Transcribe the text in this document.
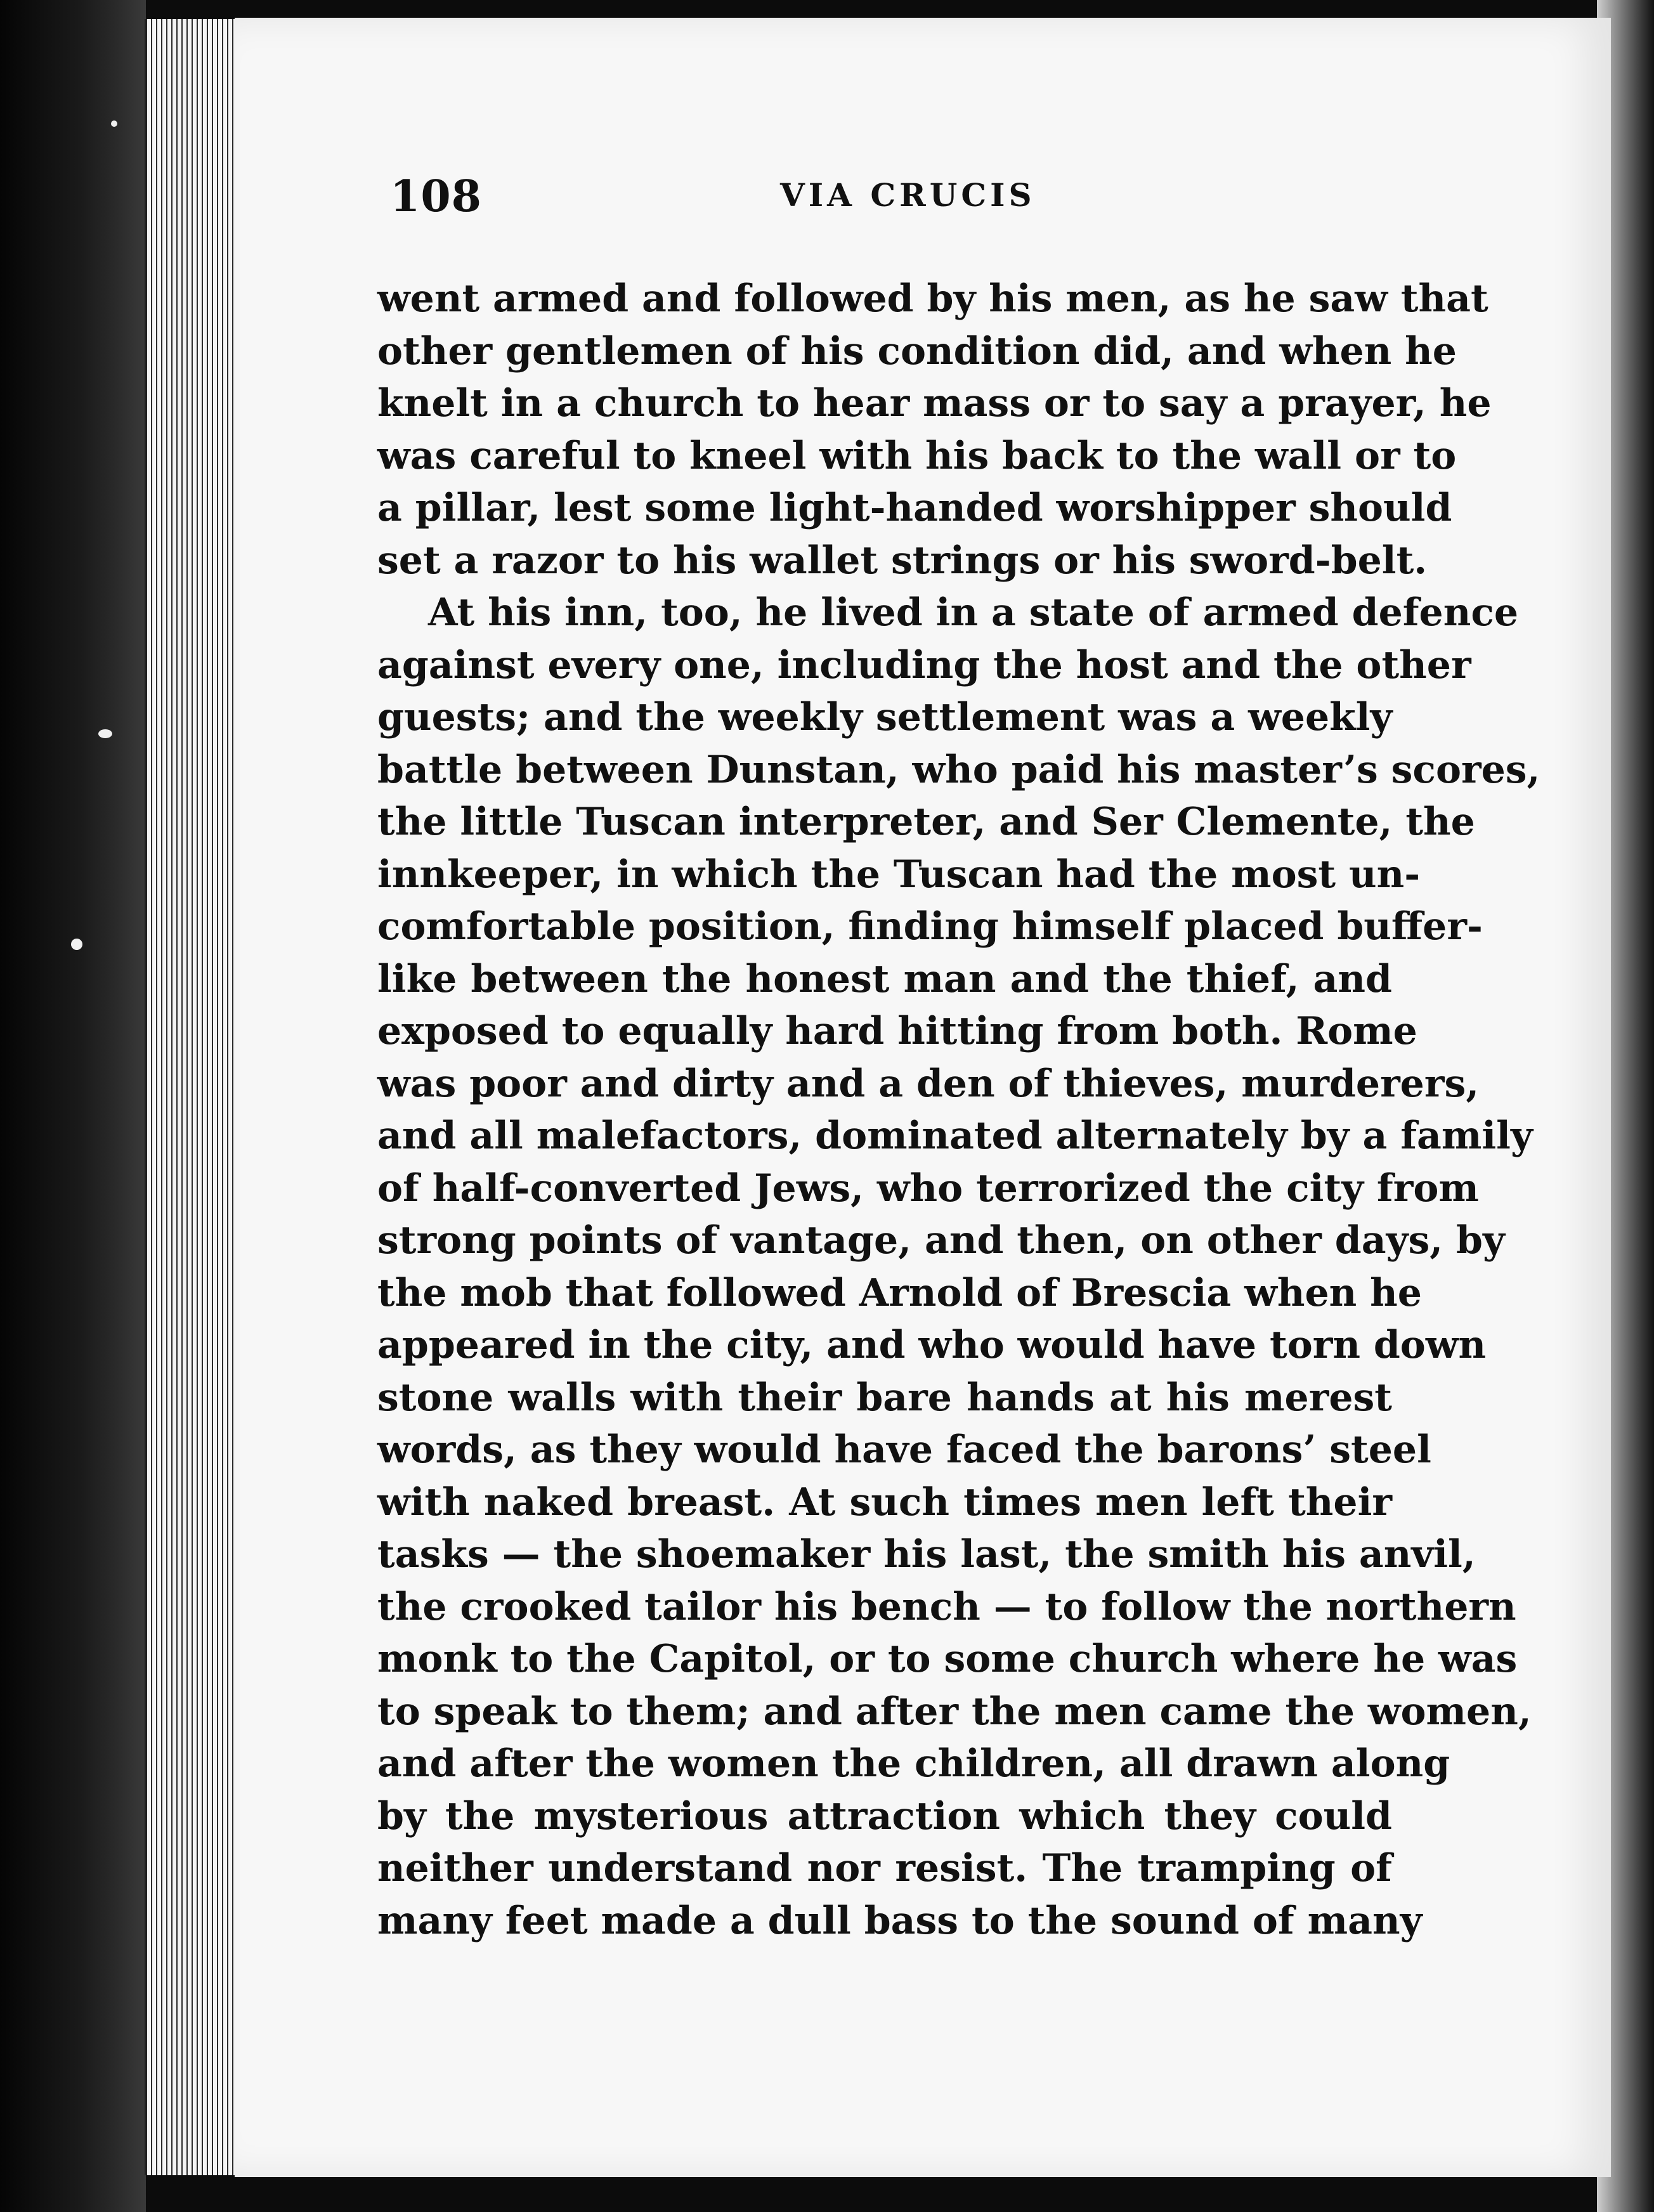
108	VIA CRUCIS
went armed and followed by his men, as he saw that
other gentlemen of his condition did, and when he
knelt in a church to hear mass or to say a prayer, he
was careful to kneel with his back to the wall or to
a pillar, lest some light-handed worshipper should
set a razor to his wallet strings or his sword-belt.
At his inn, too, he lived in a state of armed defence
against every one, including the host and the other
guests; and the weekly settlement was a weekly
battle between Dunstan, who paid his master’s scores,
the little Tuscan interpreter, and Ser Clemente, the
innkeeper, in which the Tuscan had the most un-
comfortable position, finding himself placed buffer-
like between the honest man and the thief, and
exposed to equally hard hitting from both. Rome
was poor and dirty and a den of thieves, murderers,
and all malefactors, dominated alternately by a family
of half-converted Jews, who terrorized the city from
strong points of vantage, and then, on other days, by
the mob that followed Arnold of Brescia when he
appeared in the city, and who would have torn down
stone walls with their bare hands at his merest
words, as they would have faced the barons’ steel
with naked breast. At such times men left their
tasks — the shoemaker his last, the smith his anvil,
the crooked tailor his bench — to follow the northern
monk to the Capitol, or to some church where he was
to speak to them; and after the men came the women,
and after the women the children, all drawn along
by the mysterious attraction which they could
neither understand nor resist. The tramping of
many feet made a dull bass to the sound of many
